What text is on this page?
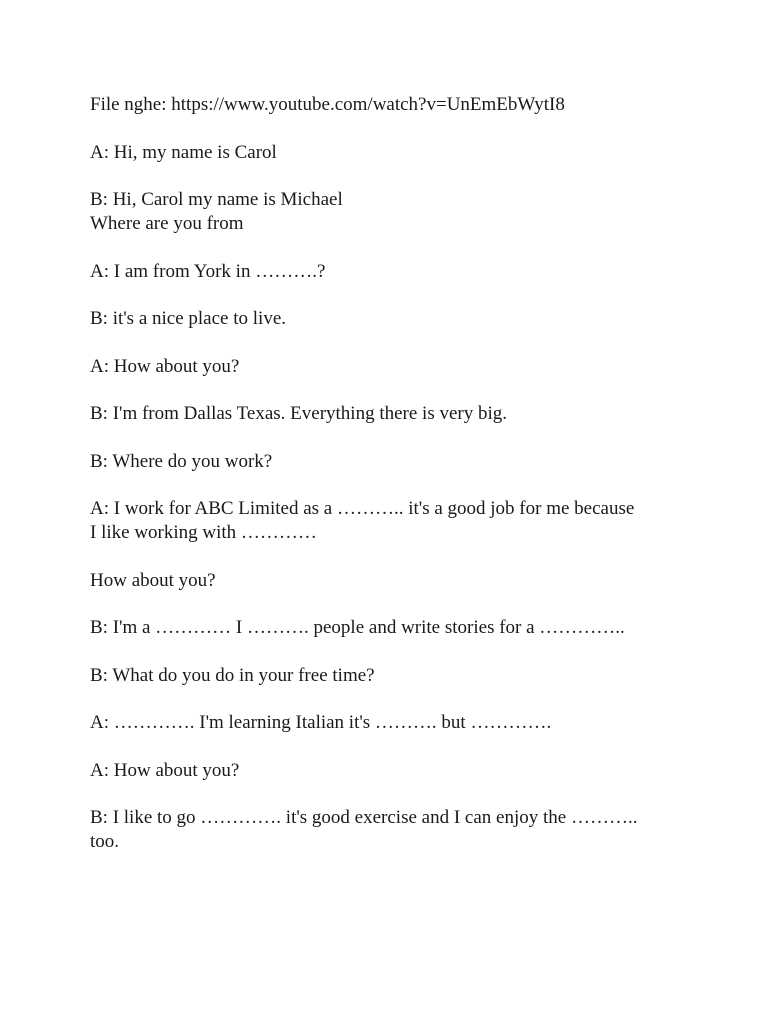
File nghe: https://www.youtube.com/watch?v=UnEmEbWytI8

A: Hi, my name is Carol

B: Hi, Carol my name is Michael
Where are you from

A: I am from York in ……….?

B: it's a nice place to live.

A: How about you?

B: I'm from Dallas Texas. Everything there is very big.

B: Where do you work?

A: I work for ABC Limited as a ……….. it's a good job for me because
I like working with …………

How about you?

B: I'm a ………… I ………. people and write stories for a …………..

B: What do you do in your free time?

A: …………. I'm learning Italian it's ………. but ………….

A: How about you?

B: I like to go …………. it's good exercise and I can enjoy the ………..
too.
